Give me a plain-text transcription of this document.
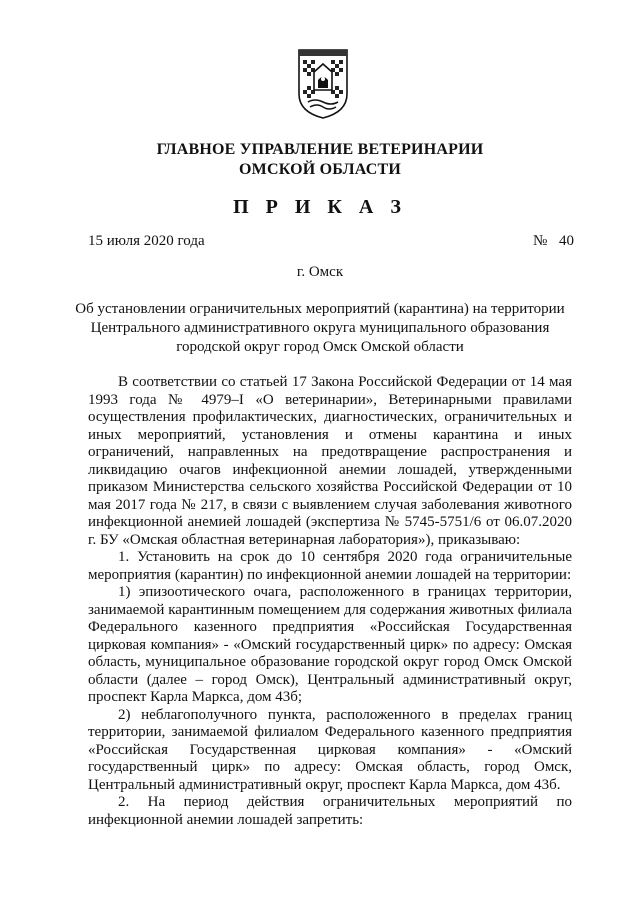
ГЛАВНОЕ УПРАВЛЕНИЕ ВЕТЕРИНАРИИ
ОМСКОЙ ОБЛАСТИ
П Р И К А З
15 июля 2020 года	№ 40
г. Омск
Об установлении ограничительных мероприятий (карантина) на территории Центрального административного округа муниципального образования городской округ город Омск Омской области

В соответствии со статьей 17 Закона Российской Федерации от 14 мая 1993 года № 4979–I «О ветеринарии», Ветеринарными правилами осуществления профилактических, диагностических, ограничительных и иных мероприятий, установления и отмены карантина и иных ограничений, направленных на предотвращение распространения и ликвидацию очагов инфекционной анемии лошадей, утвержденными приказом Министерства сельского хозяйства Российской Федерации от 10 мая 2017 года № 217, в связи с выявлением случая заболевания животного инфекционной анемией лошадей (экспертиза № 5745-5751/6 от 06.07.2020 г. БУ «Омская областная ветеринарная лаборатория»), приказываю:

1. Установить на срок до 10 сентября 2020 года ограничительные мероприятия (карантин) по инфекционной анемии лошадей на территории:

1) эпизоотического очага, расположенного в границах территории, занимаемой карантинным помещением для содержания животных филиала Федерального казенного предприятия «Российская Государственная цирковая компания» - «Омский государственный цирк» по адресу: Омская область, муниципальное образование городской округ город Омск Омской области (далее – город Омск), Центральный административный округ, проспект Карла Маркса, дом 43б;

2) неблагополучного пункта, расположенного в пределах границ территории, занимаемой филиалом Федерального казенного предприятия «Российская Государственная цирковая компания» - «Омский государственный цирк» по адресу: Омская область, город Омск, Центральный административный округ, проспект Карла Маркса, дом 43б.

2. На период действия ограничительных мероприятий по инфекционной анемии лошадей запретить:
